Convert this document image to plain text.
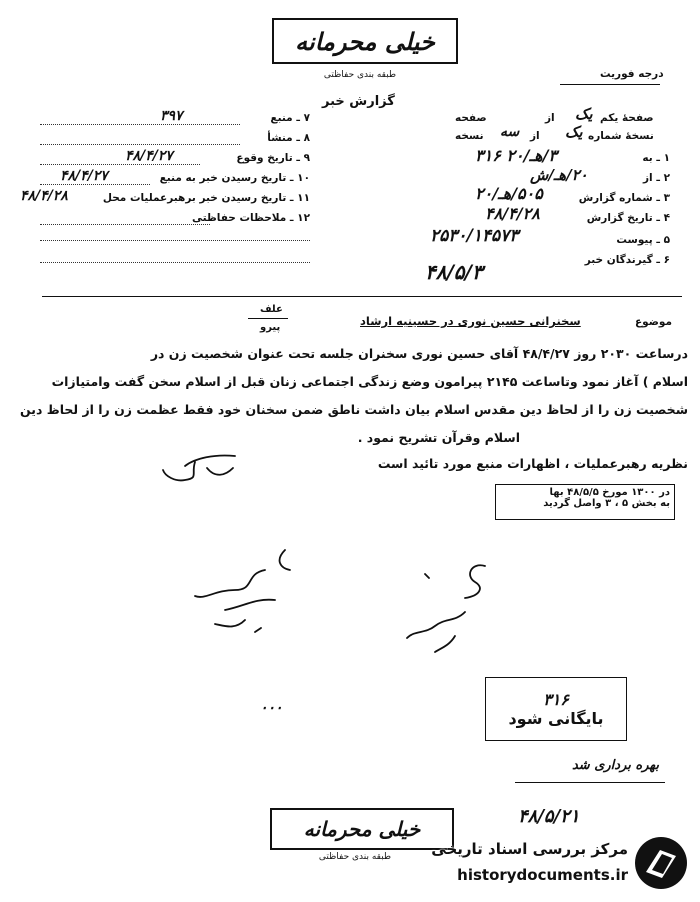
خیلی محرمانه
طبقه بندی حفاظتی	درجه فوریت
گزارش خبر
صفحهٔ یکم
یک
از
صفحه
نسخهٔ شماره
یک
از
سه
نسخه
۷ ـ منبع
۳۹۷
۸ ـ منشأ
۹ ـ تاریخ وقوع
۴۸/۴/۲۷
۱۰ ـ تاریخ رسیدن خبر به منبع
۴۸/۴/۲۷
۱۱ ـ تاریخ رسیدن خبر برهبرعملیات محل
۴۸/۴/۲۸
۱۲ ـ ملاحظات حفاظتی
۱ ـ به
۳/هـ/۲۰ ۳۱۶
۲ ـ از
۲۰/هـ/ش
۳ ـ شماره گزارش
۵۰۵/هـ/۲۰
۴ ـ تاریخ گزارش
۴۸/۴/۲۸
۵ ـ پیوست
۲۵۳۰/۱۴۵۷۳
۶ ـ گیرندگان خبر
۴۸/۵/۳
موضوع
سخنرانی حسین نوری در حسینیه ارشاد
علف
پیرو
درساعت ۲۰۳۰ روز ۴۸/۴/۲۷ آقای حسین نوری سخنران جلسه تحت عنوان شخصیت زن در
اسلام ) آغاز نمود وتاساعت ۲۱۴۵ پیرامون وضع زندگی اجتماعی زنان قبل از اسلام سخن گفت وامتیازات
شخصیت زن را از لحاظ دین مقدس اسلام بیان داشت ناطق ضمن سخنان خود فقط عظمت زن را از لحاظ دین
اسلام وقرآن تشریح نمود .
نظریه رهبرعملیات ، اظهارات منبع مورد تائید است
در ۱۳۰۰ مورخ ۴۸/۵/۵ بها
به بخش ۵ ، ۳ واصل گردید
۰۰۰	۳۱۶
بایگانی شود
بهره برداری شد
۴۸/۵/۲۱
خیلی محرمانه
طبقه بندی حفاظتی	مرکز بررسی اسناد تاریخی
historydocuments.ir
